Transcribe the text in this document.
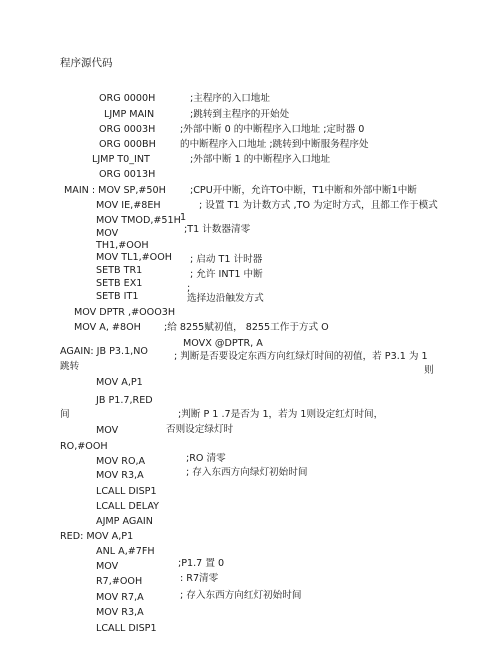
程序源代码
ORG 0000H	;主程序的入口地址
LJMP MAIN	;跳转到主程序的开始处
ORG 0003H	;外部中断 0 的中断程序入口地址 ;定时器 0
ORG 000BH	的中断程序入口地址 ;跳转到中断服务程序处
LJMP T0_INT	;外部中断 1 的中断程序入口地址
ORG 0013H
MAIN : MOV SP,#50H	;CPU开中断，允许TO中断，T1中断和外部中断1中断
MOV IE,#8EH	; 设置 T1 为计数方式 ,TO 为定时方式，且都工作于模式
MOV TMOD,#51H 1
MOV	;T1 计数器清零
TH1,#OOH
MOV TL1,#OOH ; 启动 T1 计时器
SETB TR1	; 允许 INT1 中断
SETB EX1	;
SETB IT1	选择边沿触发方式
MOV DPTR ,#OOO3H
MOV A, #8OH ;给 8255赋初值， 8255工作于方式 O
MOVX @DPTR, A
AGAIN: JB P3.1,NO	; 判断是否要设定东西方向红绿灯时间的初值，若 P3.1 为 1
跳转	则
MOV A,P1
JB P1.7,RED
间	;判断 P 1 .7是否为 1，若为 1则设定红灯时间，
MOV	否则设定绿灯时
RO,#OOH
MOV RO,A	;RO 清零
MOV R3,A	; 存入东西方向绿灯初始时间
LCALL DISP1
LCALL DELAY
AJMP AGAIN
RED: MOV A,P1
ANL A,#7FH
MOV	;P1.7 置 0
R7,#OOH	: R7清零
MOV R7,A	; 存入东西方向红灯初始时间
MOV R3,A
LCALL DISP1
